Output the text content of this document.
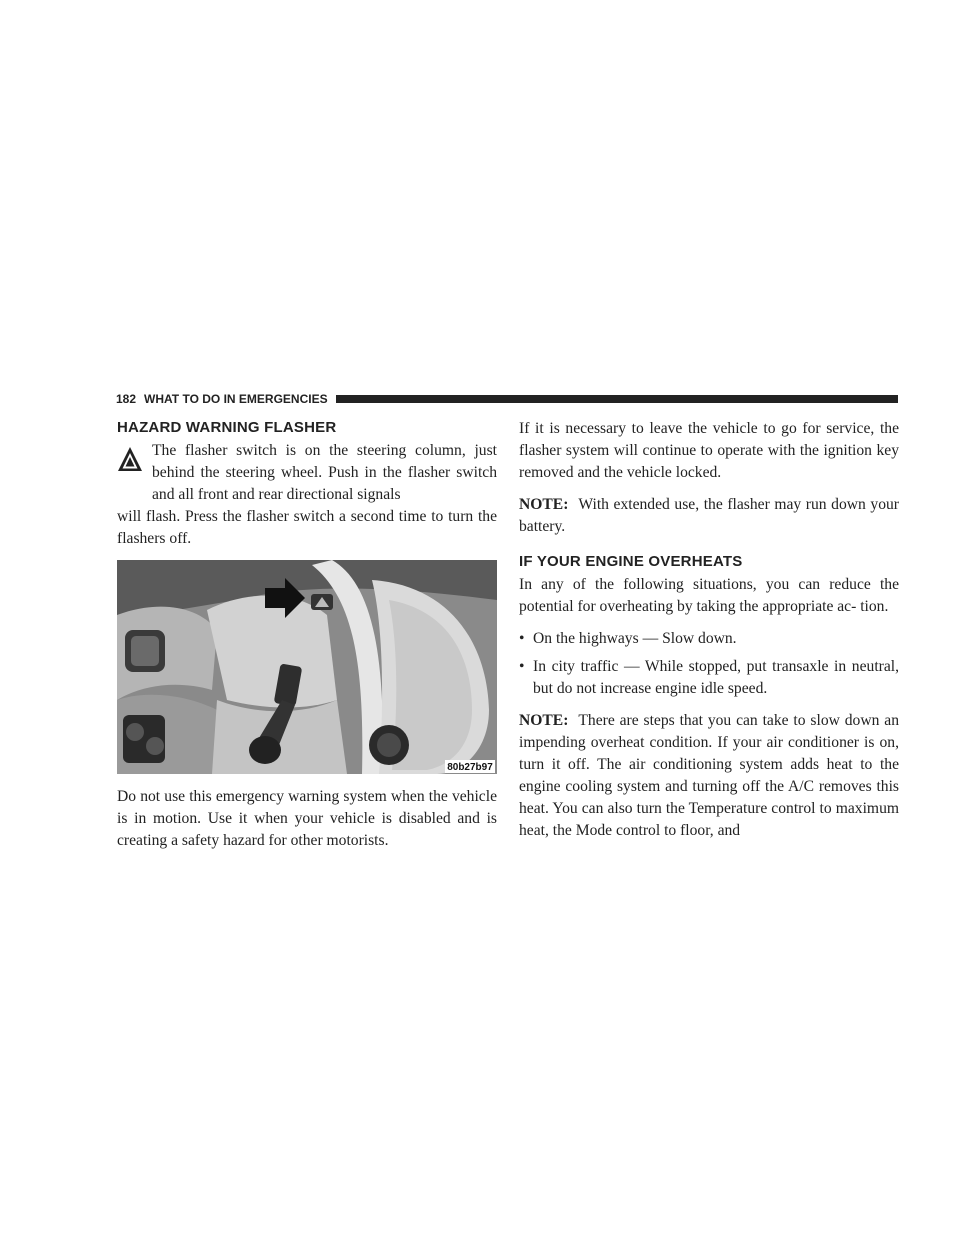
182 WHAT TO DO IN EMERGENCIES
HAZARD WARNING FLASHER

The flasher switch is on the steering column, just behind the steering wheel. Push in the flasher switch and all front and rear directional signals

will flash. Press the flasher switch a second time to turn the flashers off.

80b27b97

Do not use this emergency warning system when the vehicle is in motion. Use it when your vehicle is disabled and is creating a safety hazard for other motorists.

If it is necessary to leave the vehicle to go for service, the flasher system will continue to operate with the ignition key removed and the vehicle locked.

NOTE: With extended use, the flasher may run down your battery.

IF YOUR ENGINE OVERHEATS

In any of the following situations, you can reduce the potential for overheating by taking the appropriate ac- tion.

• On the highways — Slow down.
• In city traffic — While stopped, put transaxle in neutral, but do not increase engine idle speed.

NOTE: There are steps that you can take to slow down an impending overheat condition. If your air conditioner is on, turn it off. The air conditioning system adds heat to the engine cooling system and turning off the A/C removes this heat. You can also turn the Temperature control to maximum heat, the Mode control to floor, and
